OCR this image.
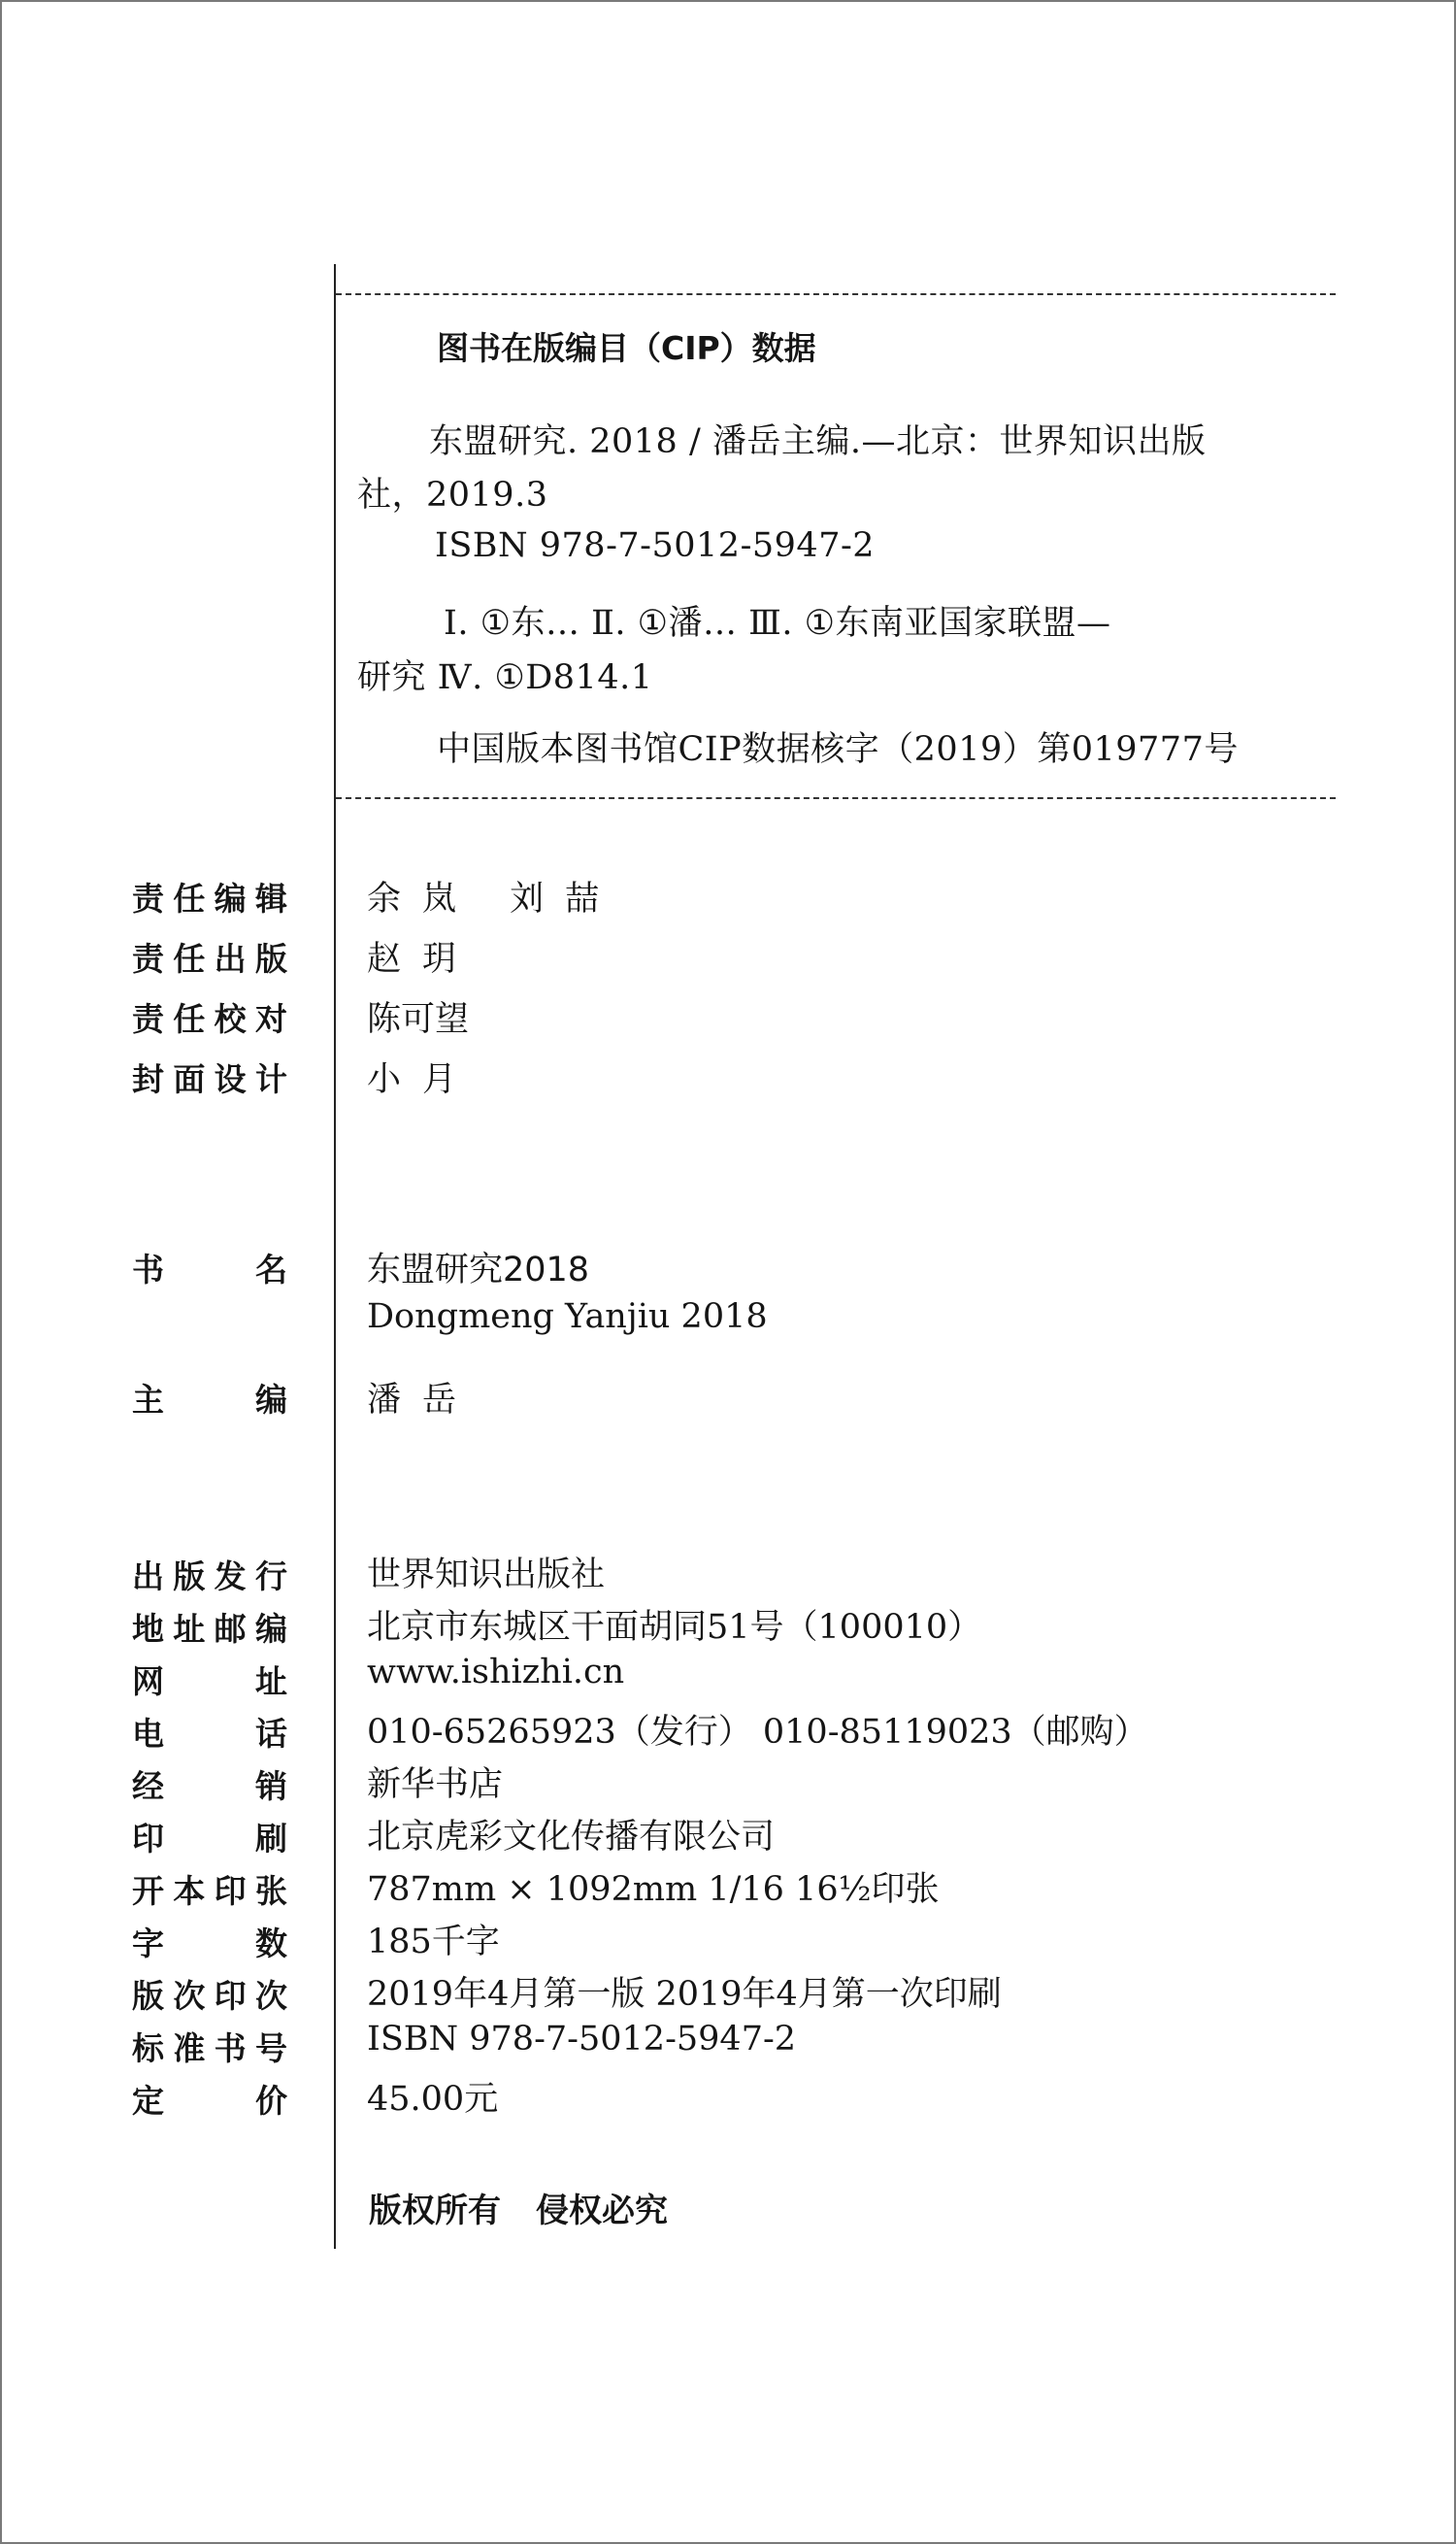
图书在版编目（CIP）数据
东盟研究. 2018 / 潘岳主编.—北京：世界知识出版
社，2019.3
ISBN 978-7-5012-5947-2
Ⅰ. ①东… Ⅱ. ①潘… Ⅲ. ①东南亚国家联盟—
研究 Ⅳ. ①D814.1
中国版本图书馆CIP数据核字（2019）第019777号
责任编辑 余岚 刘喆
责任出版 赵玥
责任校对 陈可望
封面设计 小月
书名 东盟研究2018
Dongmeng Yanjiu 2018
主编 潘岳
出版发行 世界知识出版社
地址邮编 北京市东城区干面胡同51号（100010）
网址 www.ishizhi.cn
电话 010-65265923（发行） 010-85119023（邮购）
经销 新华书店
印刷 北京虎彩文化传播有限公司
开本印张 787mm × 1092mm 1/16 16½印张
字数 185千字
版次印次 2019年4月第一版 2019年4月第一次印刷
标准书号 ISBN 978-7-5012-5947-2
定价 45.00元
版权所有 侵权必究
